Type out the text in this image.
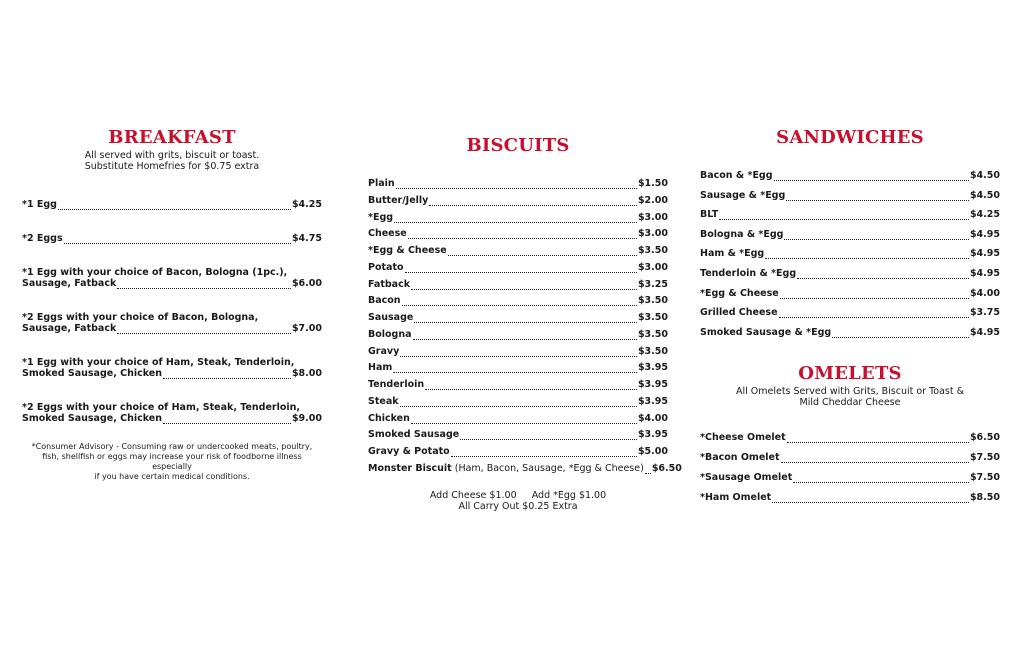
BREAKFAST

All served with grits, biscuit or toast.

Substitute Homefries for $0.75 extra

*1 Egg	$4.25
*2 Eggs	$4.75
*1 Egg with your choice of Bacon, Bologna (1pc.),
Sausage, Fatback	$6.00
*2 Eggs with your choice of Bacon, Bologna,
Sausage, Fatback	$7.00
*1 Egg with your choice of Ham, Steak, Tenderloin,
Smoked Sausage, Chicken	$8.00
*2 Eggs with your choice of Ham, Steak, Tenderloin,
Smoked Sausage, Chicken	$9.00
*Consumer Advisory - Consuming raw or undercooked meats, poultry,
fish, shellfish or eggs may increase your risk of foodborne illness especially
if you have certain medical conditions.
BISCUITS
Plain	$1.50
Butter/Jelly	$2.00
*Egg	$3.00
Cheese	$3.00
*Egg & Cheese	$3.50
Potato	$3.00
Fatback	$3.25
Bacon	$3.50
Sausage	$3.50
Bologna	$3.50
Gravy	$3.50
Ham	$3.95
Tenderloin	$3.95
Steak	$3.95
Chicken	$4.00
Smoked Sausage	$3.95
Gravy & Potato	$5.00
Monster Biscuit (Ham, Bacon, Sausage, *Egg & Cheese) $6.50
Add Cheese $1.00     Add *Egg $1.00
All Carry Out $0.25 Extra
SANDWICHES
Bacon & *Egg	$4.50
Sausage & *Egg	$4.50
BLT	$4.25
Bologna & *Egg	$4.95
Ham & *Egg	$4.95
Tenderloin & *Egg	$4.95
*Egg & Cheese	$4.00
Grilled Cheese	$3.75
Smoked Sausage & *Egg	$4.95
OMELETS

All Omelets Served with Grits, Biscuit or Toast &

Mild Cheddar Cheese

*Cheese Omelet	$6.50
*Bacon Omelet	$7.50
*Sausage Omelet	$7.50
*Ham Omelet	$8.50
